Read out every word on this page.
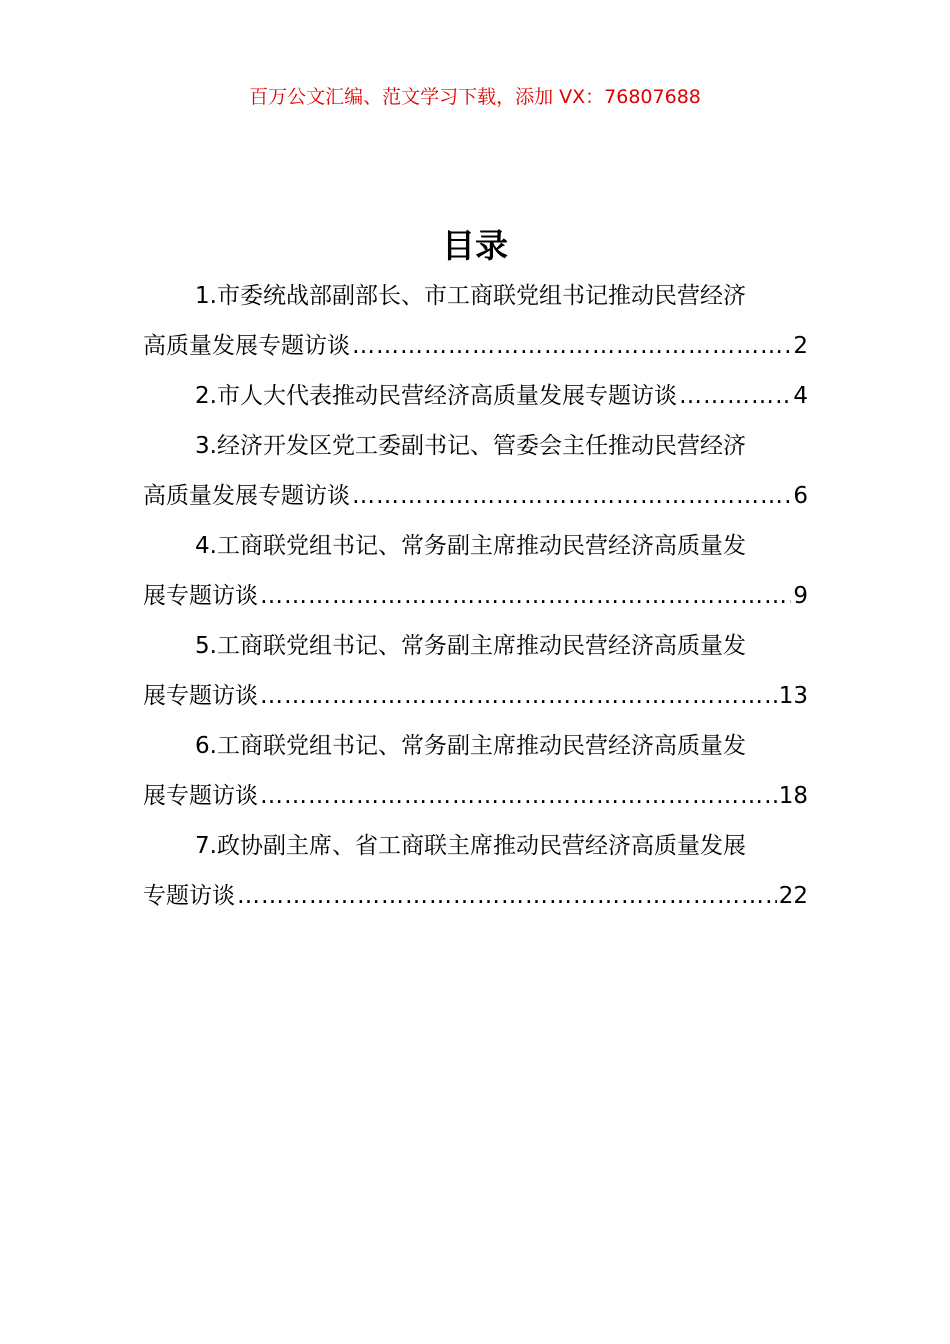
百万公文汇编、范文学习下载，添加 VX：76807688
目录
1.市委统战部副部长、市工商联党组书记推动民营经济
高质量发展专题访谈 ……………………………………………………………………………………………………………………………………………………	2
2.市人大代表推动民营经济高质量发展专题访谈 ……………………………………………………………………………………………………………………………………………………	4
3.经济开发区党工委副书记、管委会主任推动民营经济
高质量发展专题访谈 ……………………………………………………………………………………………………………………………………………………	6
4.工商联党组书记、常务副主席推动民营经济高质量发
展专题访谈 ……………………………………………………………………………………………………………………………………………………	9
5.工商联党组书记、常务副主席推动民营经济高质量发
展专题访谈 ……………………………………………………………………………………………………………………………………………………	13
6.工商联党组书记、常务副主席推动民营经济高质量发
展专题访谈 ……………………………………………………………………………………………………………………………………………………	18
7.政协副主席、省工商联主席推动民营经济高质量发展
专题访谈 ……………………………………………………………………………………………………………………………………………………	22
